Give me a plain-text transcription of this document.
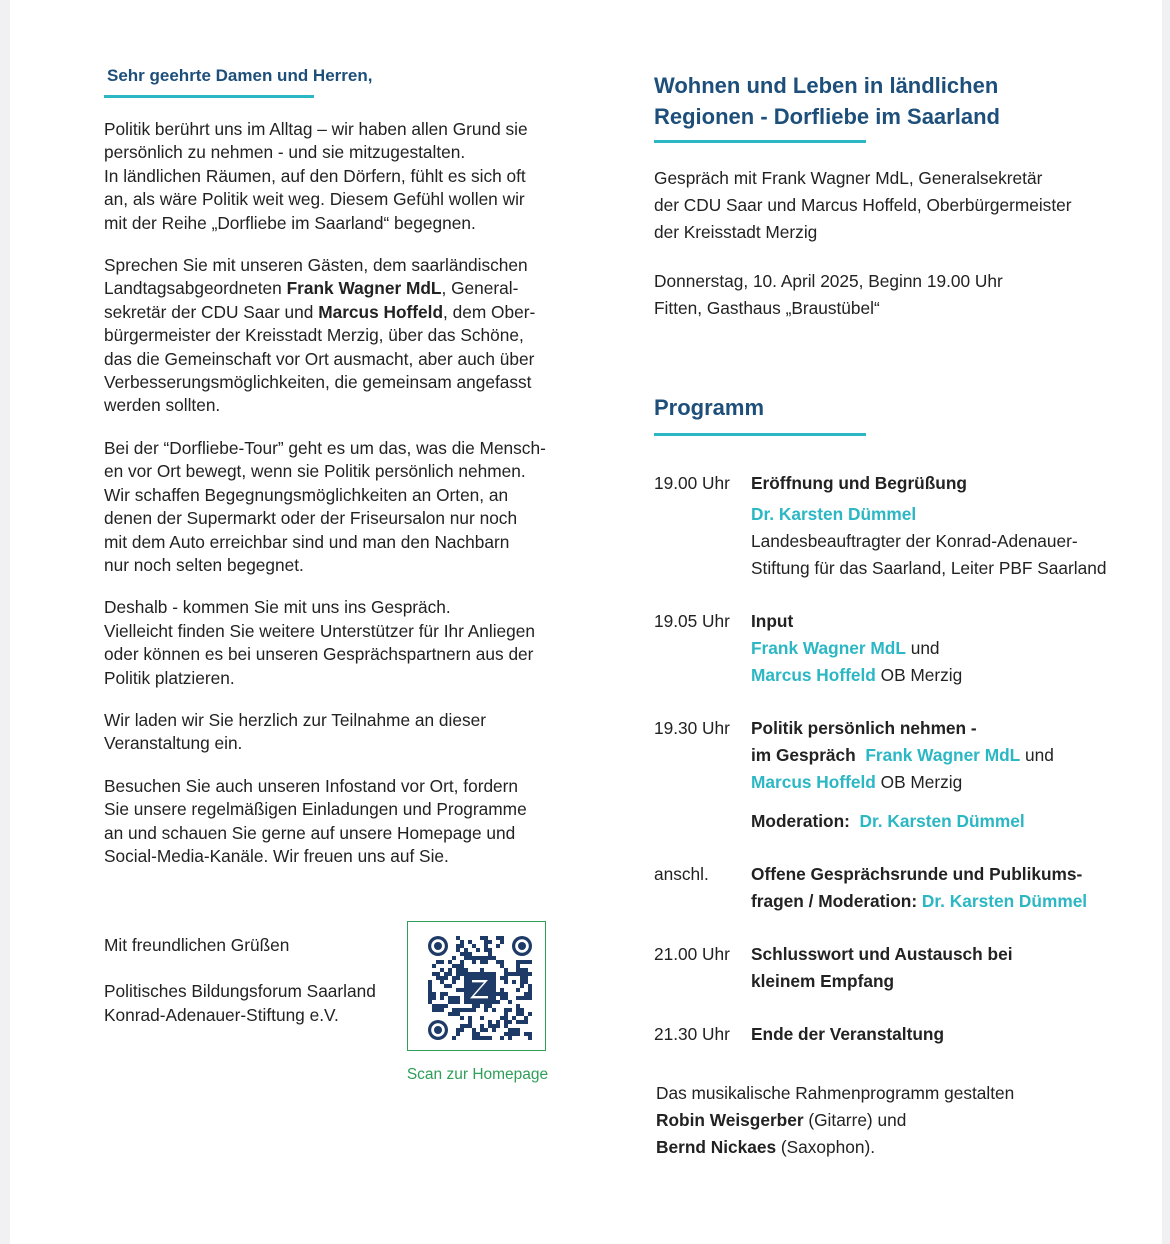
Sehr geehrte Damen und Herren,

Politik berührt uns im Alltag – wir haben allen Grund sie
persönlich zu nehmen - und sie mitzugestalten.
In ländlichen Räumen, auf den Dörfern, fühlt es sich oft
an, als wäre Politik weit weg. Diesem Gefühl wollen wir
mit der Reihe „Dorfliebe im Saarland“ begegnen.

Sprechen Sie mit unseren Gästen, dem saarländischen
Landtagsabgeordneten Frank Wagner MdL, General-
sekretär der CDU Saar und Marcus Hoffeld, dem Ober-
bürgermeister der Kreisstadt Merzig, über das Schöne,
das die Gemeinschaft vor Ort ausmacht, aber auch über
Verbesserungsmöglichkeiten, die gemeinsam angefasst
werden sollten.

Bei der “Dorfliebe-Tour” geht es um das, was die Mensch-
en vor Ort bewegt, wenn sie Politik persönlich nehmen.
Wir schaffen Begegnungsmöglichkeiten an Orten, an
denen der Supermarkt oder der Friseursalon nur noch
mit dem Auto erreichbar sind und man den Nachbarn
nur noch selten begegnet.

Deshalb - kommen Sie mit uns ins Gespräch.
Vielleicht finden Sie weitere Unterstützer für Ihr Anliegen
oder können es bei unseren Gesprächspartnern aus der
Politik platzieren.

Wir laden wir Sie herzlich zur Teilnahme an dieser
Veranstaltung ein.

Besuchen Sie auch unseren Infostand vor Ort, fordern
Sie unsere regelmäßigen Einladungen und Programme
an und schauen Sie gerne auf unsere Homepage und
Social-Media-Kanäle. Wir freuen uns auf Sie.

Mit freundlichen Grüßen
Politisches Bildungsforum Saarland
Konrad-Adenauer-Stiftung e.V.
Scan zur Homepage

Wohnen und Leben in ländlichen
Regionen - Dorfliebe im Saarland

Gespräch mit Frank Wagner MdL, Generalsekretär
der CDU Saar und Marcus Hoffeld, Oberbürgermeister
der Kreisstadt Merzig

Donnerstag, 10. April 2025, Beginn 19.00 Uhr
Fitten, Gasthaus „Braustübel“

Programm

19.00 Uhr	Eröffnung und Begrüßung
Dr. Karsten Dümmel
Landesbeauftragter der Konrad-Adenauer-
Stiftung für das Saarland, Leiter PBF Saarland
19.05 Uhr	Input
Frank Wagner MdL und
Marcus Hoffeld OB Merzig
19.30 Uhr	Politik persönlich nehmen -
im Gespräch Frank Wagner MdL und
Marcus Hoffeld OB Merzig
Moderation: Dr. Karsten Dümmel
anschl.	Offene Gesprächsrunde und Publikums-
fragen / Moderation: Dr. Karsten Dümmel
21.00 Uhr	Schlusswort und Austausch bei
kleinem Empfang
21.30 Uhr	Ende der Veranstaltung
Das musikalische Rahmenprogramm gestalten
Robin Weisgerber (Gitarre) und
Bernd Nickaes (Saxophon).
